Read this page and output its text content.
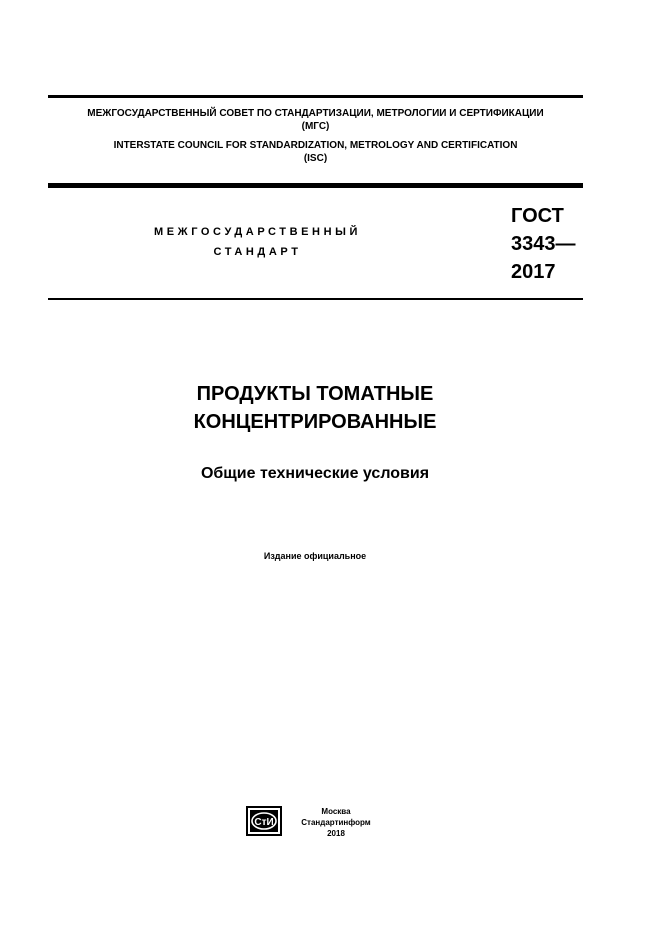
МЕЖГОСУДАРСТВЕННЫЙ СОВЕТ ПО СТАНДАРТИЗАЦИИ, МЕТРОЛОГИИ И СЕРТИФИКАЦИИ
(МГС)
INTERSTATE COUNCIL FOR STANDARDIZATION, METROLOGY AND CERTIFICATION
(ISC)
МЕЖГОСУДАРСТВЕННЫЙ
СТАНДАРТ
ГОСТ
3343—
2017
ПРОДУКТЫ ТОМАТНЫЕ
КОНЦЕНТРИРОВАННЫЕ
Общие технические условия
Издание официальное
СтИ
Москва
Стандартинформ
2018
